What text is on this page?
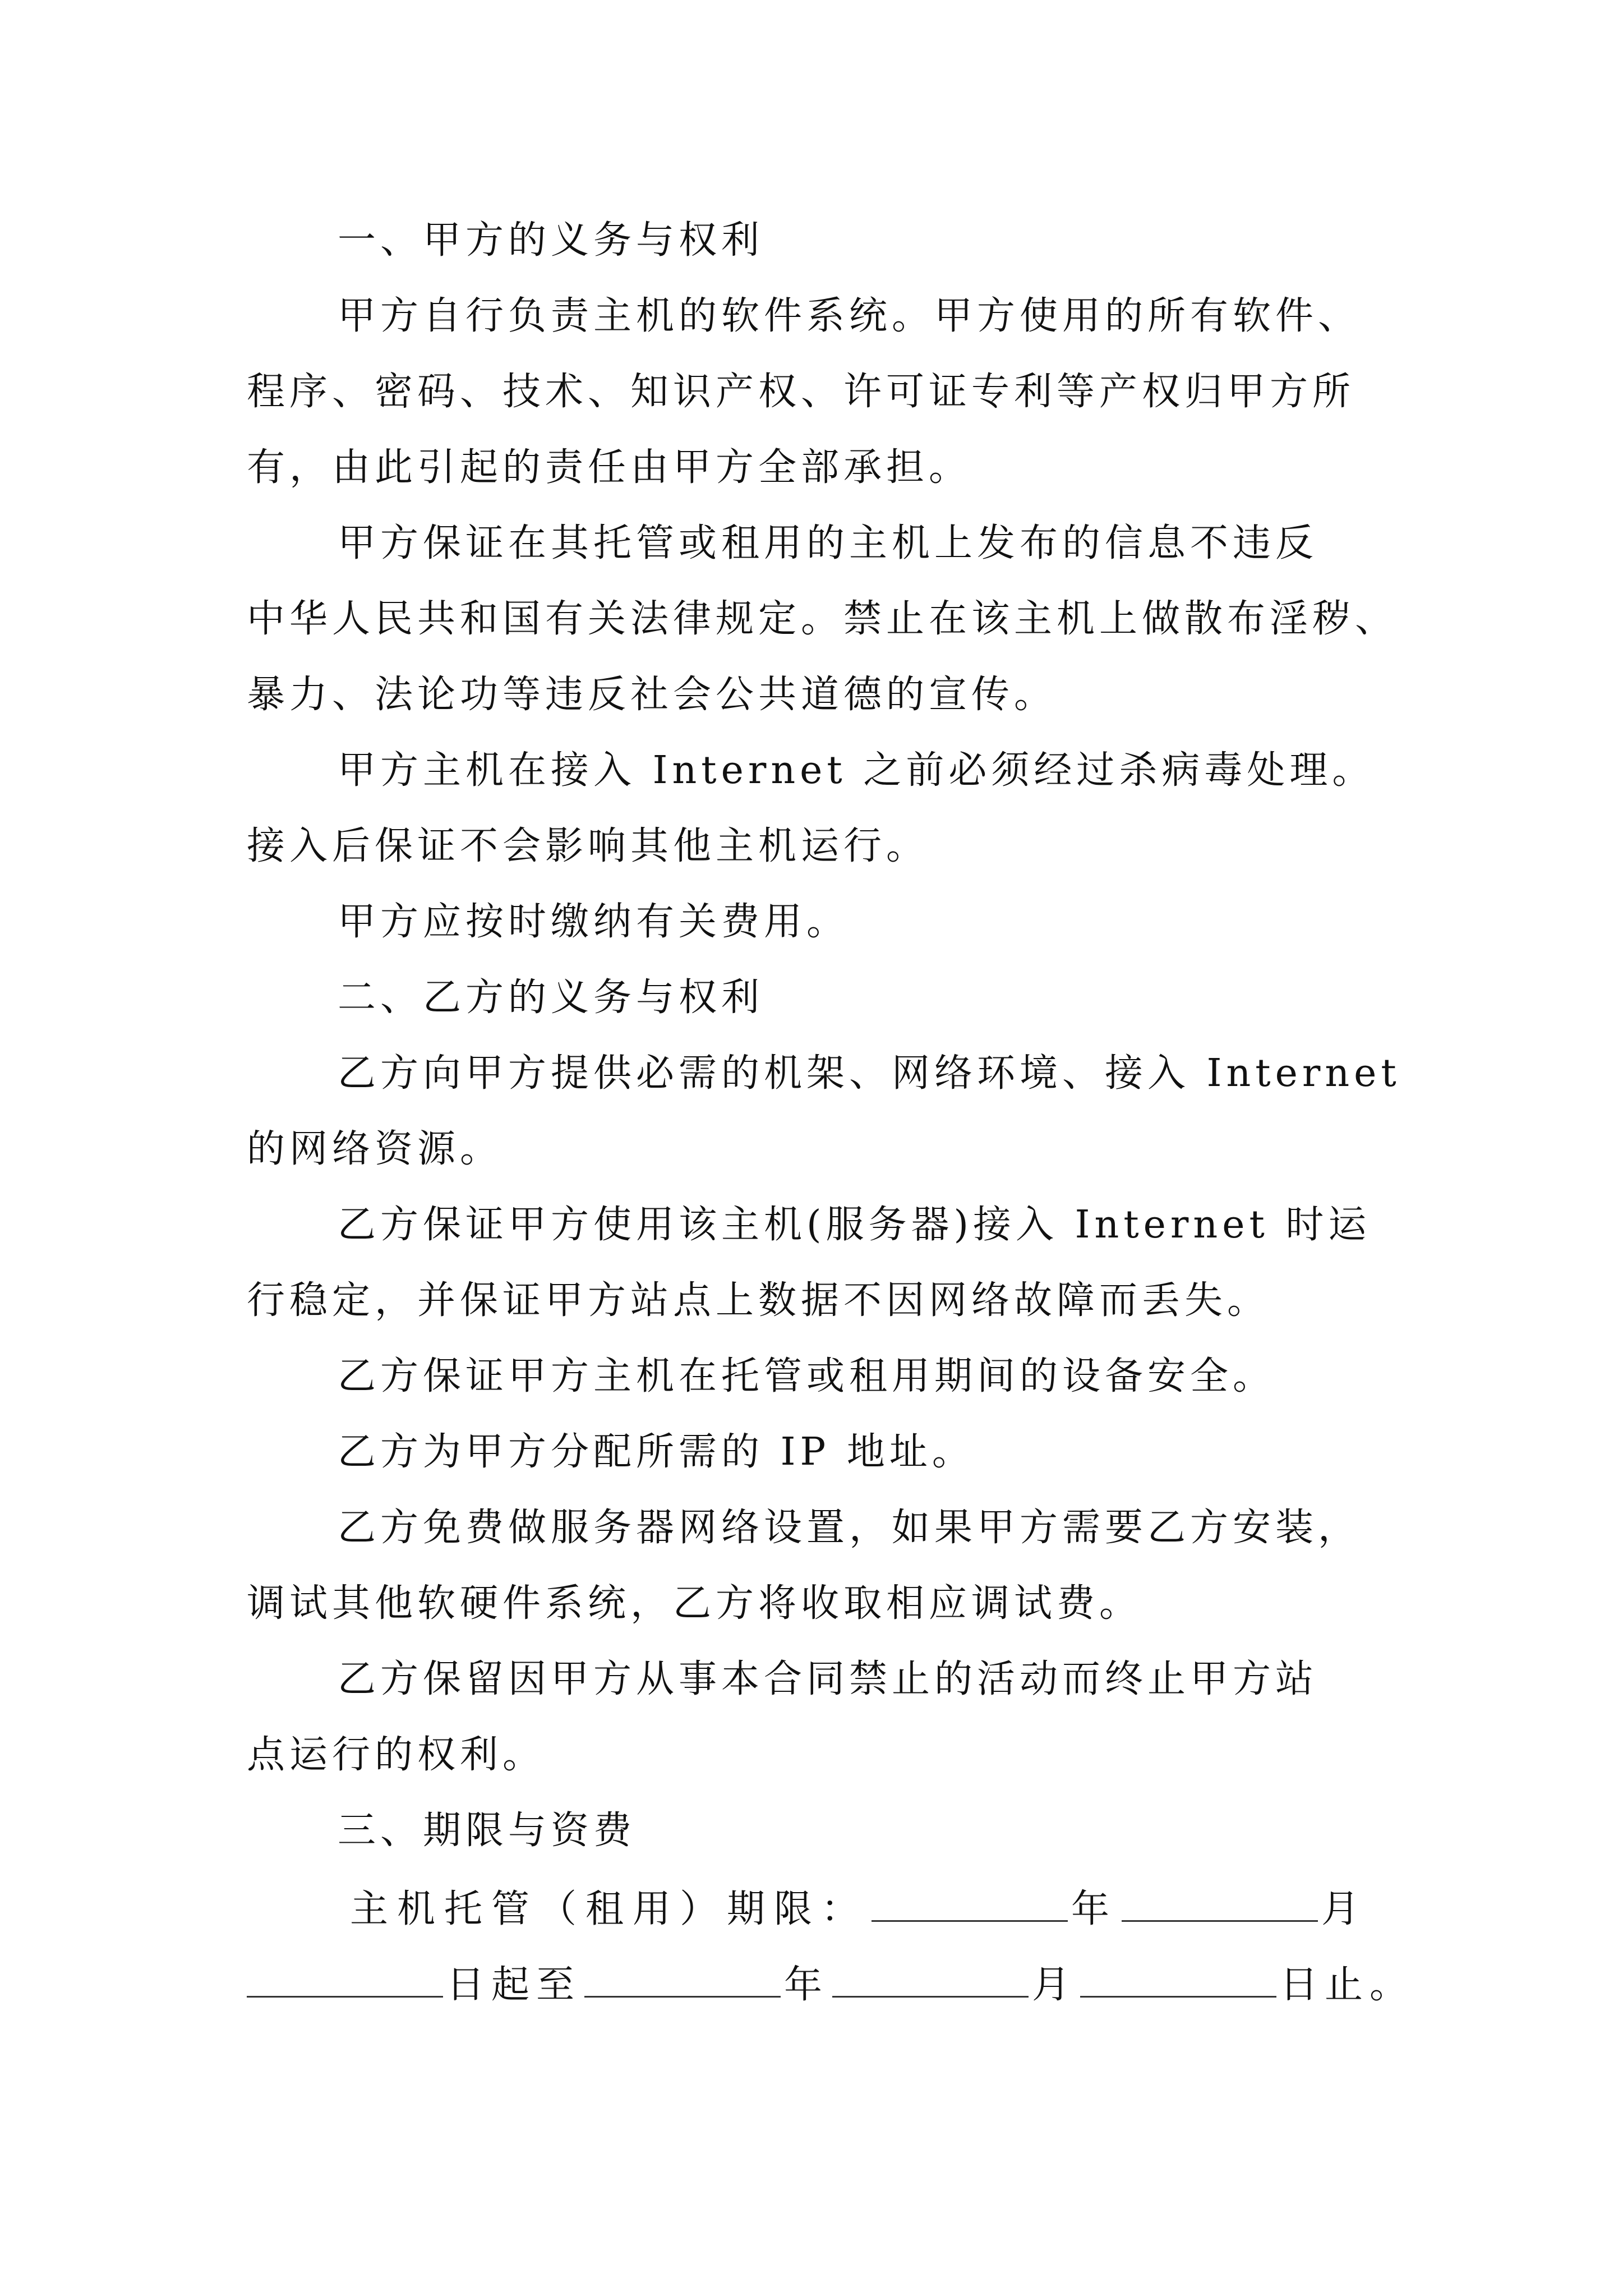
一、甲方的义务与权利
甲方自行负责主机的软件系统。甲方使用的所有软件、
程序、密码、技术、知识产权、许可证专利等产权归甲方所
有，由此引起的责任由甲方全部承担。
甲方保证在其托管或租用的主机上发布的信息不违反
中华人民共和国有关法律规定。禁止在该主机上做散布淫秽、
暴力、法论功等违反社会公共道德的宣传。
甲方主机在接入 Internet 之前必须经过杀病毒处理。
接入后保证不会影响其他主机运行。
甲方应按时缴纳有关费用。
二、乙方的义务与权利
乙方向甲方提供必需的机架、网络环境、接入 Internet
的网络资源。
乙方保证甲方使用该主机(服务器)接入 Internet 时运
行稳定，并保证甲方站点上数据不因网络故障而丢失。
乙方保证甲方主机在托管或租用期间的设备安全。
乙方为甲方分配所需的 IP 地址。
乙方免费做服务器网络设置，如果甲方需要乙方安装，
调试其他软硬件系统，乙方将收取相应调试费。
乙方保留因甲方从事本合同禁止的活动而终止甲方站
点运行的权利。
三、期限与资费
主机托管（租用）期限：	年	月
日起至	年	月	日止。
